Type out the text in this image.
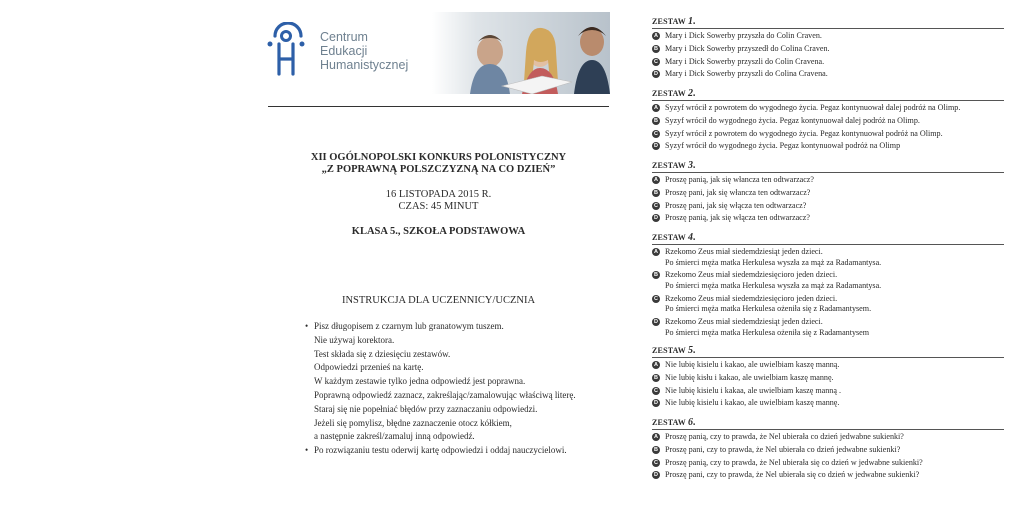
Centrum
Edukacji
Humanistycznej
XII OGÓLNOPOLSKI KONKURS POLONISTYCZNY
„Z POPRAWNĄ POLSZCZYZNĄ NA CO DZIEŃ”
16 LISTOPADA 2015 R.
CZAS: 45 MINUT
KLASA 5., SZKOŁA PODSTAWOWA
INSTRUKCJA DLA UCZENNICY/UCZNIA
• Pisz długopisem z czarnym lub granatowym tuszem.
Nie używaj korektora.
Test składa się z dziesięciu zestawów.
Odpowiedzi przenieś na kartę.
W każdym zestawie tylko jedna odpowiedź jest poprawna.
Poprawną odpowiedź zaznacz, zakreślając/zamalowując właściwą literę.
Staraj się nie popełniać błędów przy zaznaczaniu odpowiedzi.
Jeżeli się pomylisz, błędne zaznaczenie otocz kółkiem,
a następnie zakreśl/zamaluj inną odpowiedź.
• Po rozwiązaniu testu oderwij kartę odpowiedzi i oddaj nauczycielowi.
ZESTAW 1.
A Mary i Dick Sowerby przyszła do Colin Craven.
B Mary i Dick Sowerby przyszedł do Colina Craven.
C Mary i Dick Sowerby przyszli do Colin Cravena.
D Mary i Dick Sowerby przyszli do Colina Cravena.
ZESTAW 2.
A Syzyf wrócił z powrotem do wygodnego życia. Pegaz kontynuował dalej podróż na Olimp.
B Syzyf wrócił do wygodnego życia. Pegaz kontynuował dalej podróż na Olimp.
C Syzyf wrócił z powrotem do wygodnego życia. Pegaz kontynuował podróż na Olimp.
D Syzyf wrócił do wygodnego życia. Pegaz kontynuował podróż na Olimp
ZESTAW 3.
A Proszę panią, jak się włancza ten odtwarzacz?
B Proszę pani, jak się włancza ten odtwarzacz?
C Proszę pani, jak się włącza ten odtwarzacz?
D Proszę panią, jak się włącza ten odtwarzacz?
ZESTAW 4.
A Rzekomo Zeus miał siedemdziesiąt jeden dzieci.
Po śmierci męża matka Herkulesa wyszła za mąż za Radamantysa.
B Rzekomo Zeus miał siedemdziesięcioro jeden dzieci.
Po śmierci męża matka Herkulesa wyszła za mąż za Radamantysa.
C Rzekomo Zeus miał siedemdziesięcioro jeden dzieci.
Po śmierci męża matka Herkulesa ożeniła się z Radamantysem.
D Rzekomo Zeus miał siedemdziesiąt jeden dzieci.
Po śmierci męża matka Herkulesa ożeniła się z Radamantysem
ZESTAW 5.
A Nie lubię kisielu i kakao, ale uwielbiam kaszę manną.
B Nie lubię kisłu i kakao, ale uwielbiam kaszę mannę.
C Nie lubię kisielu i kakaa, ale uwielbiam kaszę manną .
D Nie lubię kisielu i kakao, ale uwielbiam kaszę mannę.
ZESTAW 6.
A Proszę panią, czy to prawda, że Nel ubierała co dzień jedwabne sukienki?
B Proszę pani, czy to prawda, że Nel ubierała co dzień jedwabne sukienki?
C Proszę panią, czy to prawda, że Nel ubierała się co dzień w jedwabne sukienki?
D Proszę pani, czy to prawda, że Nel ubierała się co dzień w jedwabne sukienki?
